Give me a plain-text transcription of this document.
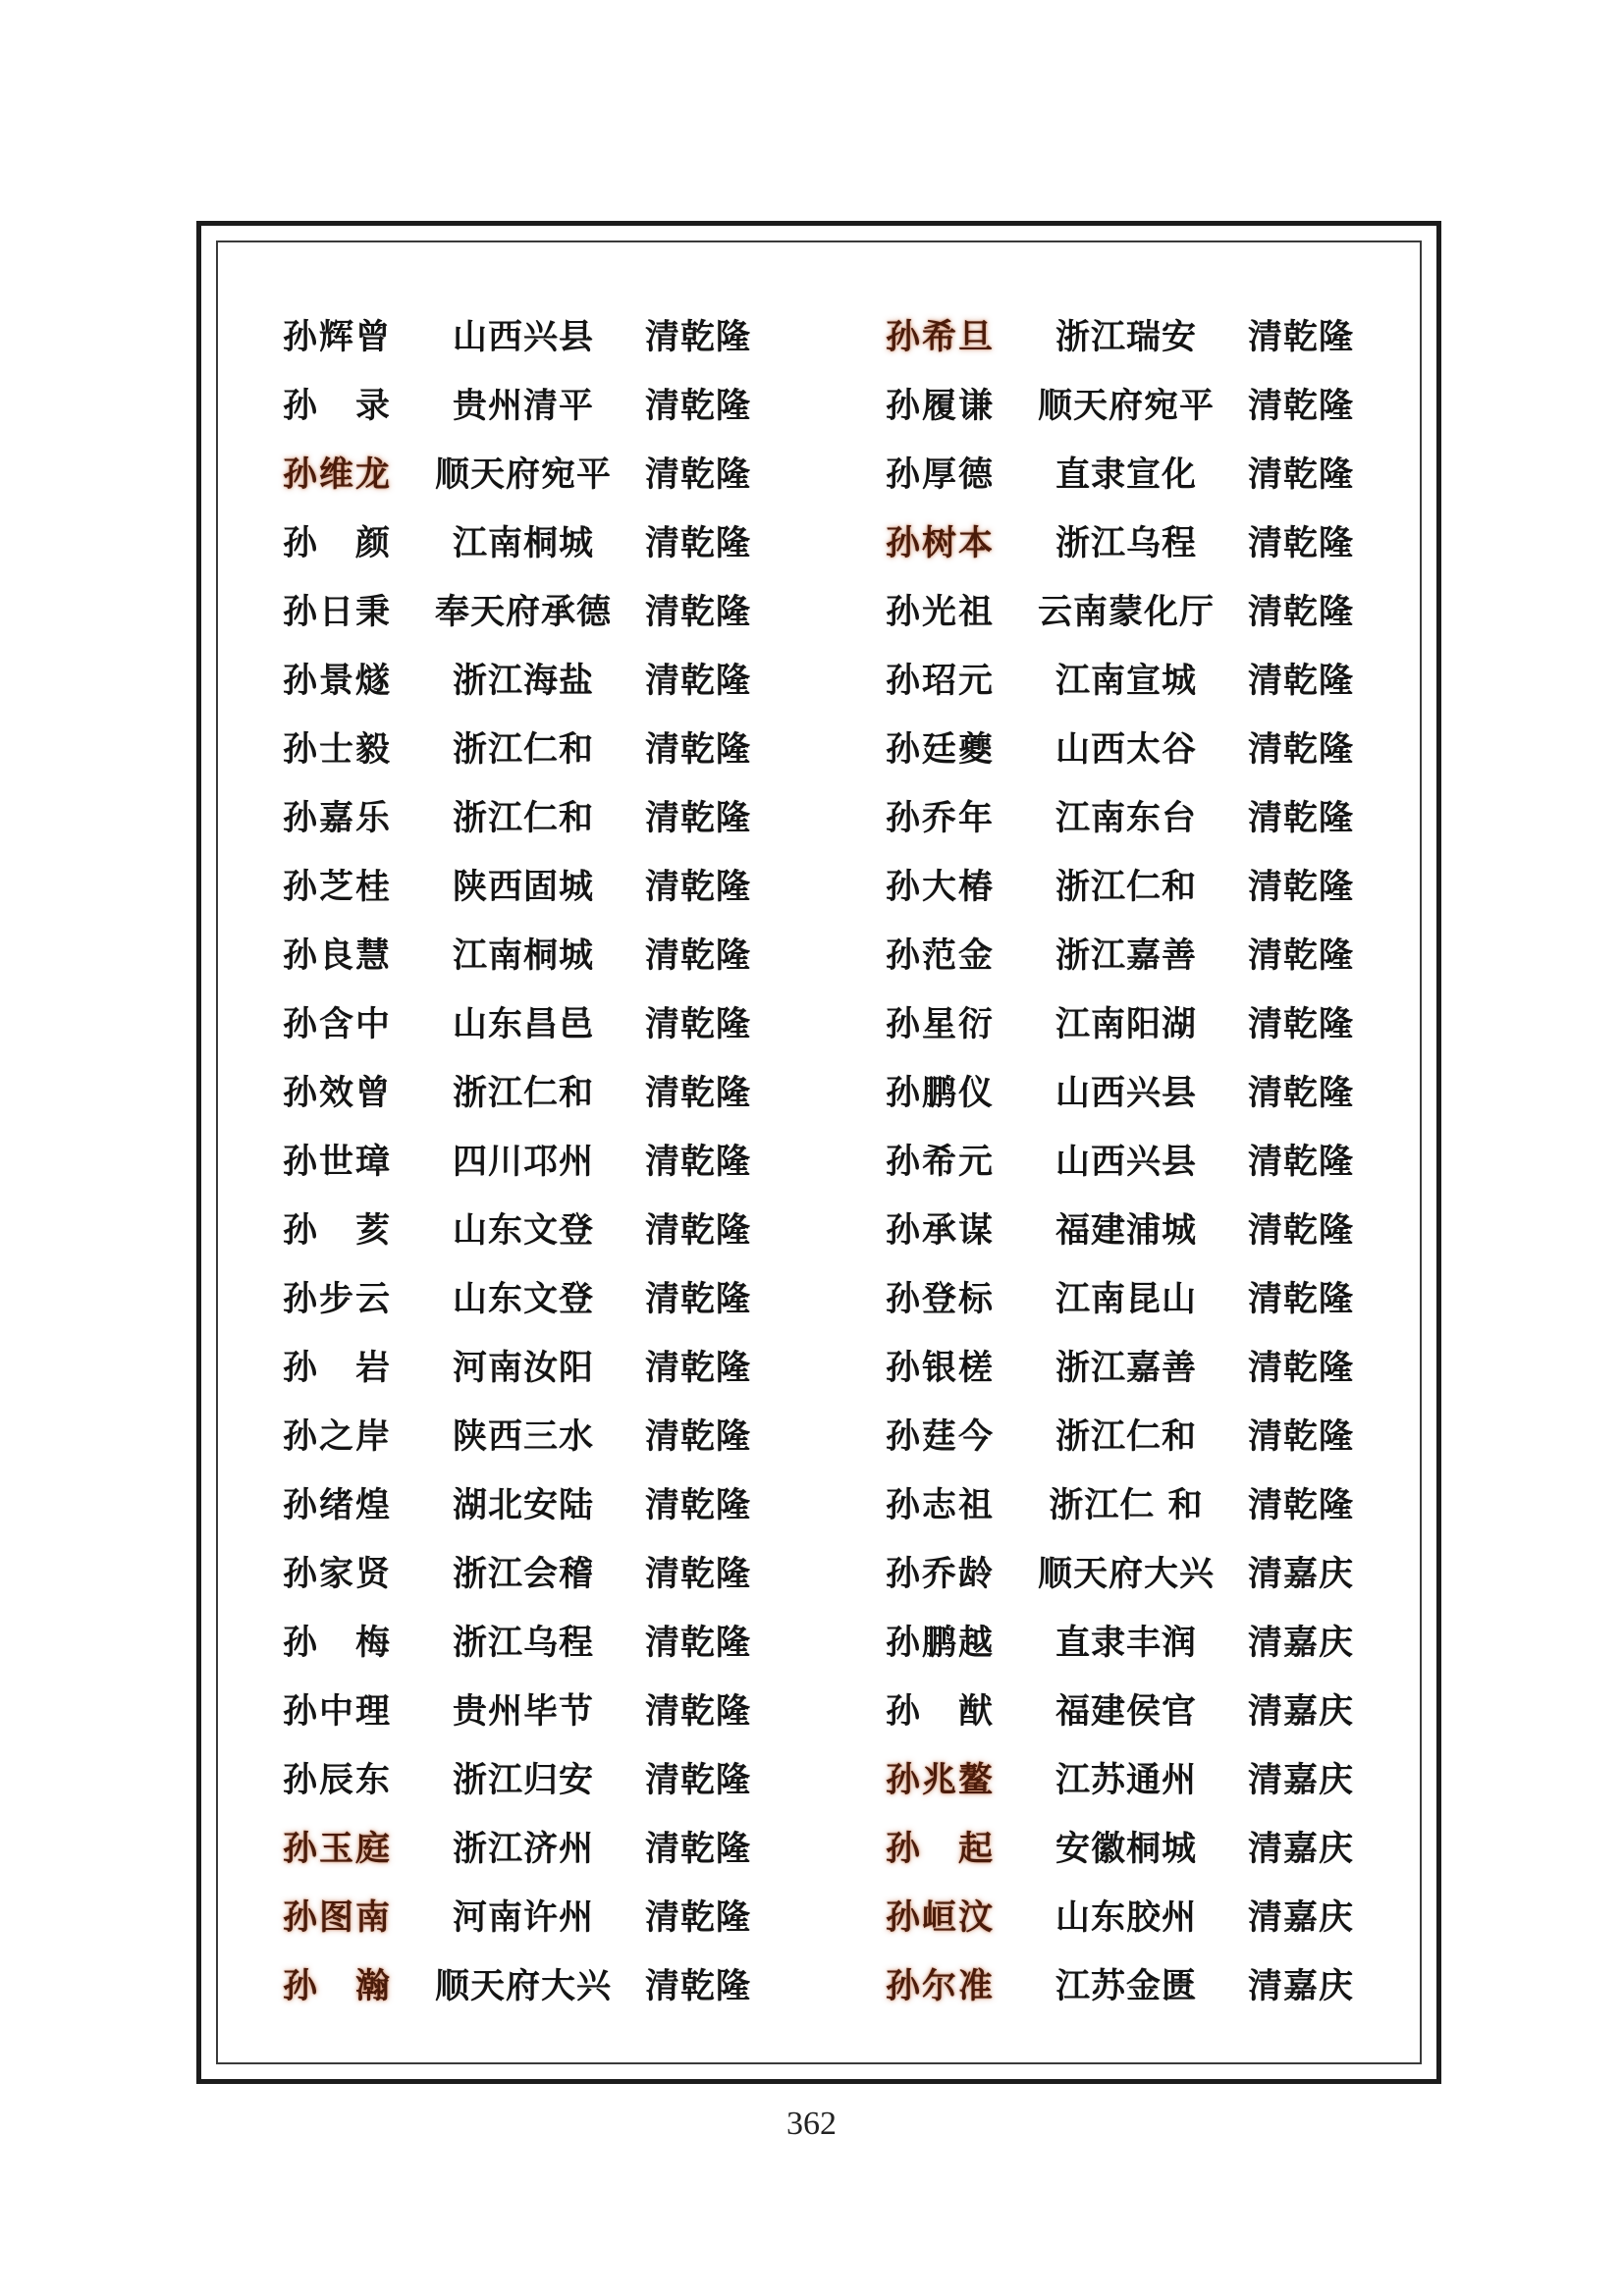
孙辉曾	山西兴县	清乾隆
孙　录	贵州清平	清乾隆
孙维龙	顺天府宛平 清乾隆
孙　颜	江南桐城	清乾隆
孙日秉	奉天府承德 清乾隆
孙景燧	浙江海盐	清乾隆
孙士毅	浙江仁和	清乾隆
孙嘉乐	浙江仁和	清乾隆
孙芝桂	陕西固城	清乾隆
孙良慧	江南桐城	清乾隆
孙含中	山东昌邑	清乾隆
孙效曾	浙江仁和	清乾隆
孙世璋	四川邛州	清乾隆
孙　荄	山东文登	清乾隆
孙步云	山东文登	清乾隆
孙　岩	河南汝阳	清乾隆
孙之岸	陕西三水	清乾隆
孙绪煌	湖北安陆	清乾隆
孙家贤	浙江会稽	清乾隆
孙　梅	浙江乌程	清乾隆
孙中理	贵州毕节	清乾隆
孙辰东	浙江归安	清乾隆
孙玉庭	浙江济州	清乾隆
孙图南	河南许州	清乾隆
孙　瀚	顺天府大兴 清乾隆
孙希旦	浙江瑞安	清乾隆
孙履谦	顺天府宛平 清乾隆
孙厚德	直隶宣化	清乾隆
孙树本	浙江乌程	清乾隆
孙光祖	云南蒙化厅 清乾隆
孙玿元	江南宣城	清乾隆
孙廷夔	山西太谷	清乾隆
孙乔年	江南东台	清乾隆
孙大椿	浙江仁和	清乾隆
孙范金	浙江嘉善	清乾隆
孙星衍	江南阳湖	清乾隆
孙鹏仪	山西兴县	清乾隆
孙希元	山西兴县	清乾隆
孙承谋	福建浦城	清乾隆
孙登标	江南昆山	清乾隆
孙银槎	浙江嘉善	清乾隆
孙莛今	浙江仁和	清乾隆
孙志祖	浙江仁 和	清乾隆
孙乔龄	顺天府大兴 清嘉庆
孙鹏越	直隶丰润	清嘉庆
孙　猷	福建侯官	清嘉庆
孙兆鳌	江苏通州	清嘉庆
孙　起	安徽桐城	清嘉庆
孙峘汶	山东胶州	清嘉庆
孙尔准	江苏金匮	清嘉庆
362
